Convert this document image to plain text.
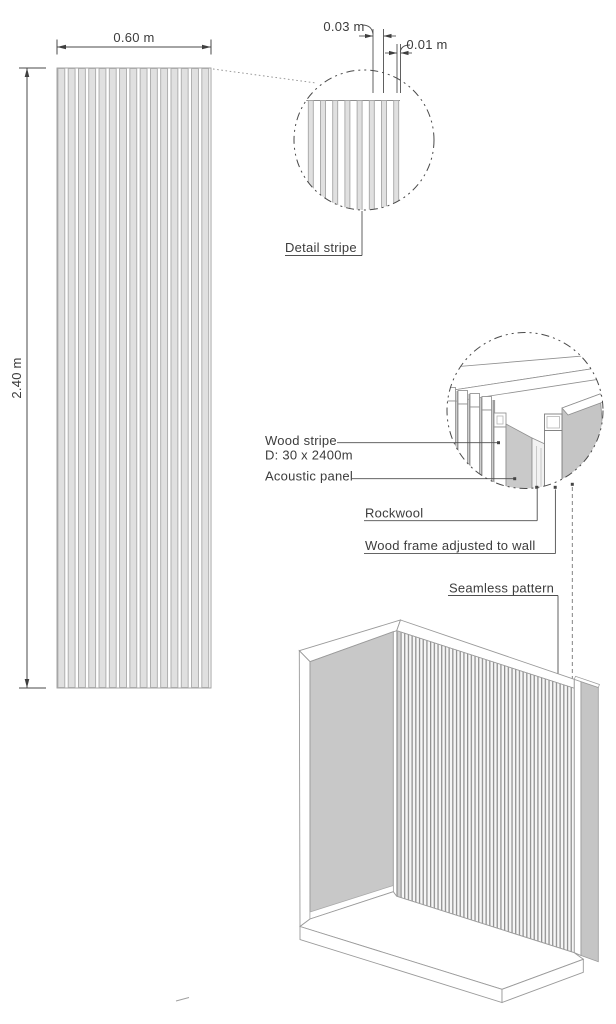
0.60 m
2.40 m
0.03 m
0.01 m
Detail stripe
Wood stripe
D: 30 x 2400m
Acoustic panel
Rockwool
Wood frame adjusted to wall
Seamless pattern
